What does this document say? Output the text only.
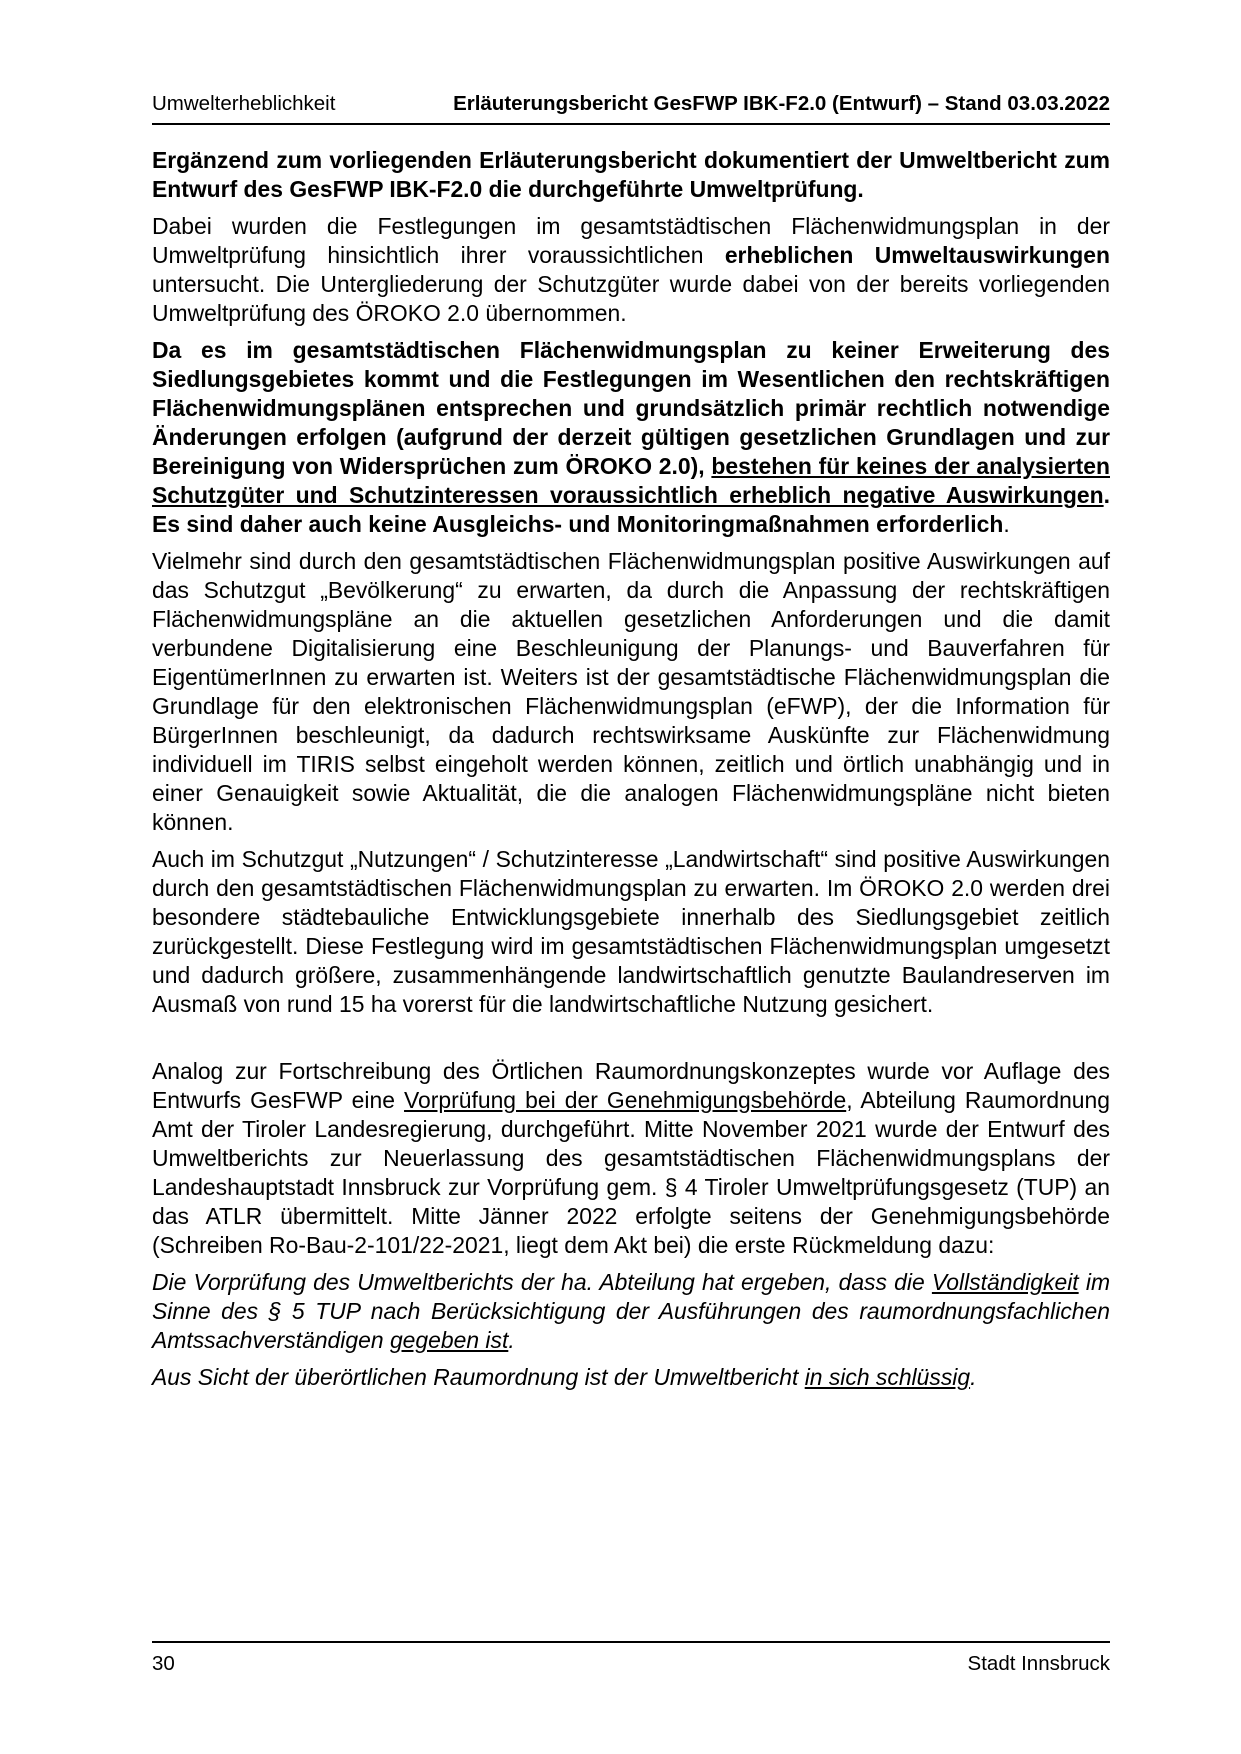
Umwelterheblichkeit	Erläuterungsbericht GesFWP IBK-F2.0 (Entwurf) – Stand 03.03.2022

Ergänzend zum vorliegenden Erläuterungsbericht dokumentiert der Umweltbericht zum Entwurf des GesFWP IBK-F2.0 die durchgeführte Umweltprüfung.

Dabei wurden die Festlegungen im gesamtstädtischen Flächenwidmungsplan in der Umweltprüfung hinsichtlich ihrer voraussichtlichen erheblichen Umweltauswirkungen untersucht. Die Untergliederung der Schutzgüter wurde dabei von der bereits vorliegenden Umweltprüfung des ÖROKO 2.0 übernommen.

Da es im gesamtstädtischen Flächenwidmungsplan zu keiner Erweiterung des Siedlungsgebietes kommt und die Festlegungen im Wesentlichen den rechtskräftigen Flächenwidmungsplänen entsprechen und grundsätzlich primär rechtlich notwendige Änderungen erfolgen (aufgrund der derzeit gültigen gesetzlichen Grundlagen und zur Bereinigung von Widersprüchen zum ÖROKO 2.0), bestehen für keines der analysierten Schutzgüter und Schutzinteressen voraussichtlich erheblich negative Auswirkungen. Es sind daher auch keine Ausgleichs- und Monitoringmaßnahmen erforderlich.

Vielmehr sind durch den gesamtstädtischen Flächenwidmungsplan positive Auswirkungen auf das Schutzgut „Bevölkerung“ zu erwarten, da durch die Anpassung der rechtskräftigen Flächenwidmungspläne an die aktuellen gesetzlichen Anforderungen und die damit verbundene Digitalisierung eine Beschleunigung der Planungs- und Bauverfahren für EigentümerInnen zu erwarten ist. Weiters ist der gesamtstädtische Flächenwidmungsplan die Grundlage für den elektronischen Flächenwidmungsplan (eFWP), der die Information für BürgerInnen beschleunigt, da dadurch rechtswirksame Auskünfte zur Flächenwidmung individuell im TIRIS selbst eingeholt werden können, zeitlich und örtlich unabhängig und in einer Genauigkeit sowie Aktualität, die die analogen Flächenwidmungspläne nicht bieten können.

Auch im Schutzgut „Nutzungen“ / Schutzinteresse „Landwirtschaft“ sind positive Auswirkungen durch den gesamtstädtischen Flächenwidmungsplan zu erwarten. Im ÖROKO 2.0 werden drei besondere städtebauliche Entwicklungsgebiete innerhalb des Siedlungsgebiet zeitlich zurückgestellt. Diese Festlegung wird im gesamtstädtischen Flächenwidmungsplan umgesetzt und dadurch größere, zusammenhängende landwirtschaftlich genutzte Baulandreserven im Ausmaß von rund 15 ha vorerst für die landwirtschaftliche Nutzung gesichert.

Analog zur Fortschreibung des Örtlichen Raumordnungskonzeptes wurde vor Auflage des Entwurfs GesFWP eine Vorprüfung bei der Genehmigungsbehörde, Abteilung Raumordnung Amt der Tiroler Landesregierung, durchgeführt. Mitte November 2021 wurde der Entwurf des Umweltberichts zur Neuerlassung des gesamtstädtischen Flächenwidmungsplans der Landeshauptstadt Innsbruck zur Vorprüfung gem. § 4 Tiroler Umweltprüfungsgesetz (TUP) an das ATLR übermittelt. Mitte Jänner 2022 erfolgte seitens der Genehmigungsbehörde (Schreiben Ro-Bau-2-101/22-2021, liegt dem Akt bei) die erste Rückmeldung dazu:

Die Vorprüfung des Umweltberichts der ha. Abteilung hat ergeben, dass die Vollständigkeit im Sinne des § 5 TUP nach Berücksichtigung der Ausführungen des raumordnungsfachlichen Amtssachverständigen gegeben ist.

Aus Sicht der überörtlichen Raumordnung ist der Umweltbericht in sich schlüssig.

30	Stadt Innsbruck
